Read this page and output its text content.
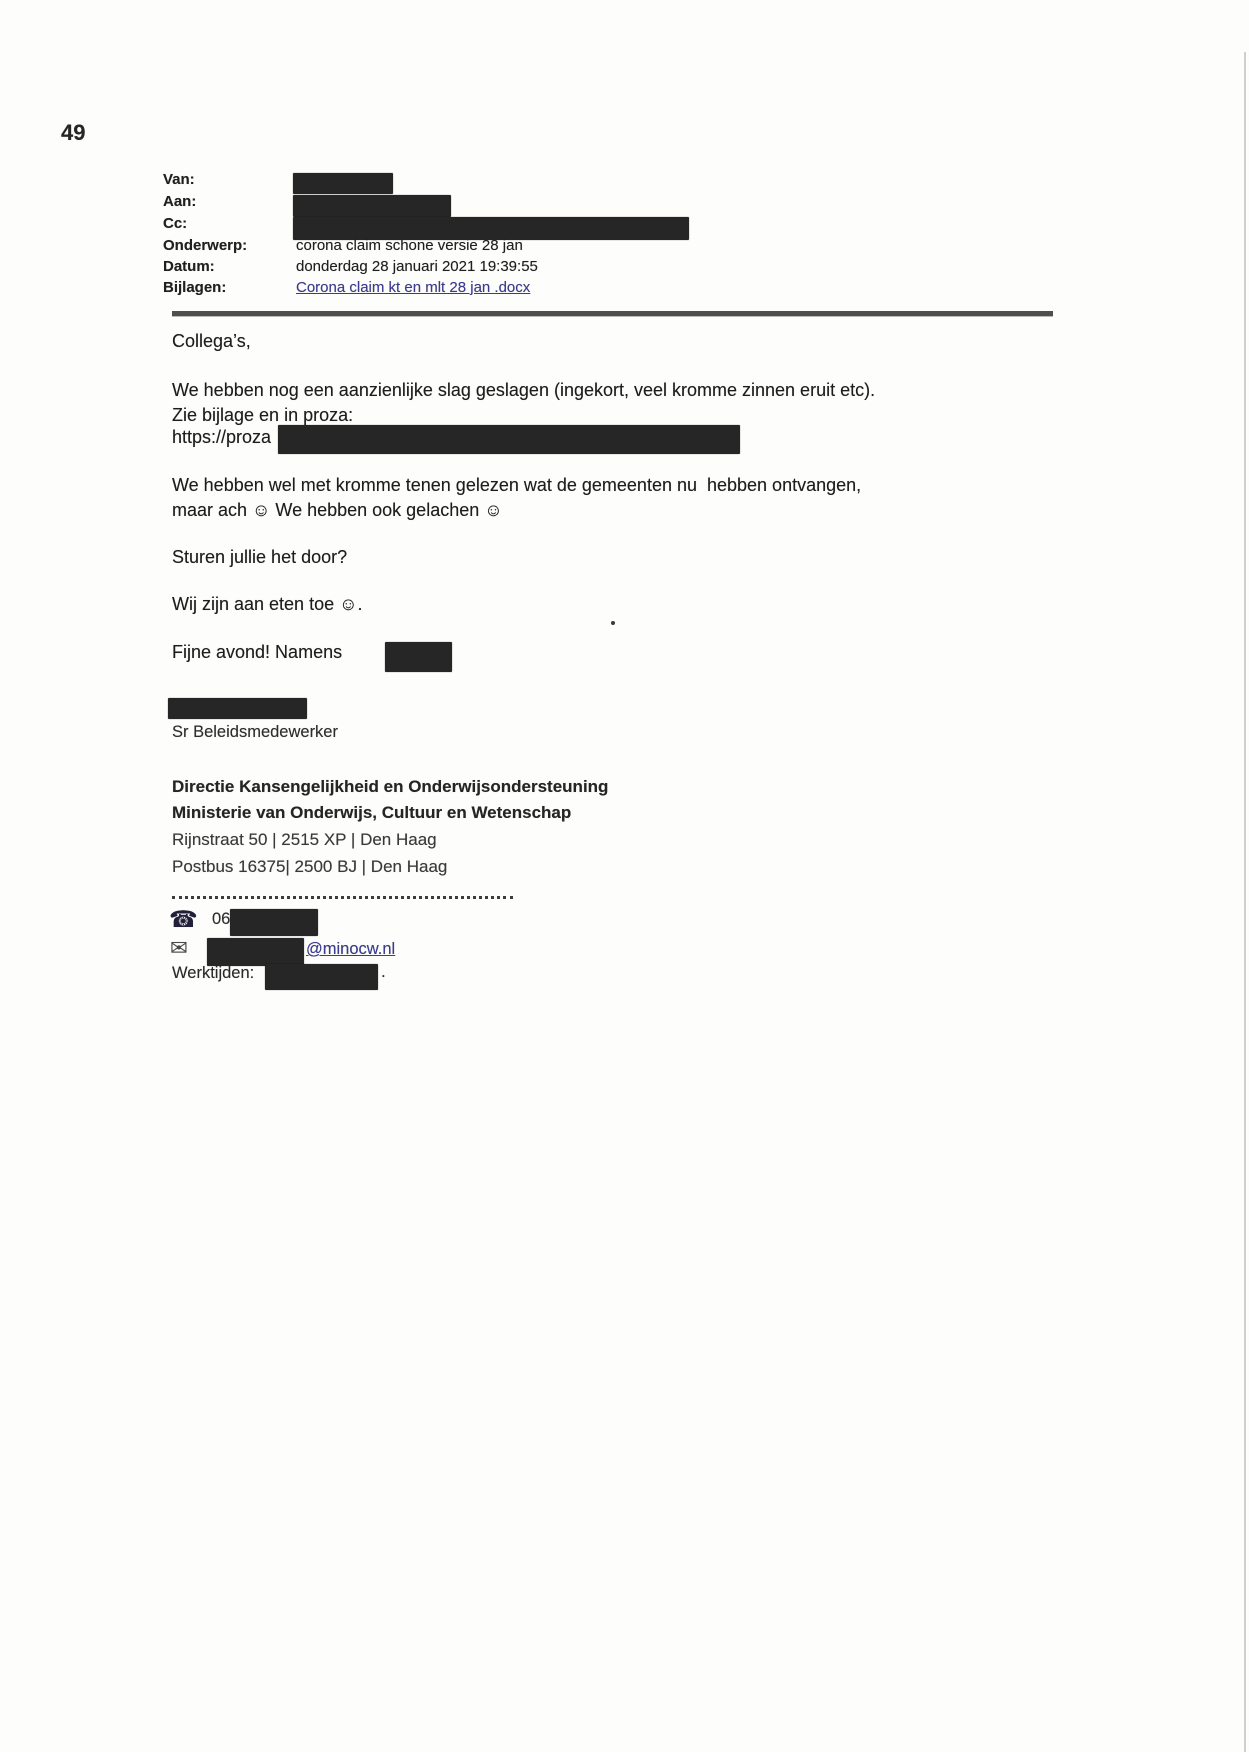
49
Van:
Aan:
Cc:
Onderwerp:	corona claim schone versie 28 jan
Datum:	donderdag 28 januari 2021 19:39:55
Bijlagen:	Corona claim kt en mlt 28 jan .docx
Collega’s,
We hebben nog een aanzienlijke slag geslagen (ingekort, veel kromme zinnen eruit etc).
Zie bijlage en in proza:
https://proza
We hebben wel met kromme tenen gelezen wat de gemeenten nu  hebben ontvangen,
maar ach ☺ We hebben ook gelachen ☺
Sturen jullie het door?
Wij zijn aan eten toe ☺.
Fijne avond! Namens
Sr Beleidsmedewerker
Directie Kansengelijkheid en Onderwijsondersteuning
Ministerie van Onderwijs, Cultuur en Wetenschap
Rijnstraat 50 | 2515 XP | Den Haag
Postbus 16375| 2500 BJ | Den Haag
☎ 06
✉	@minocw.nl
Werktijden:	.
